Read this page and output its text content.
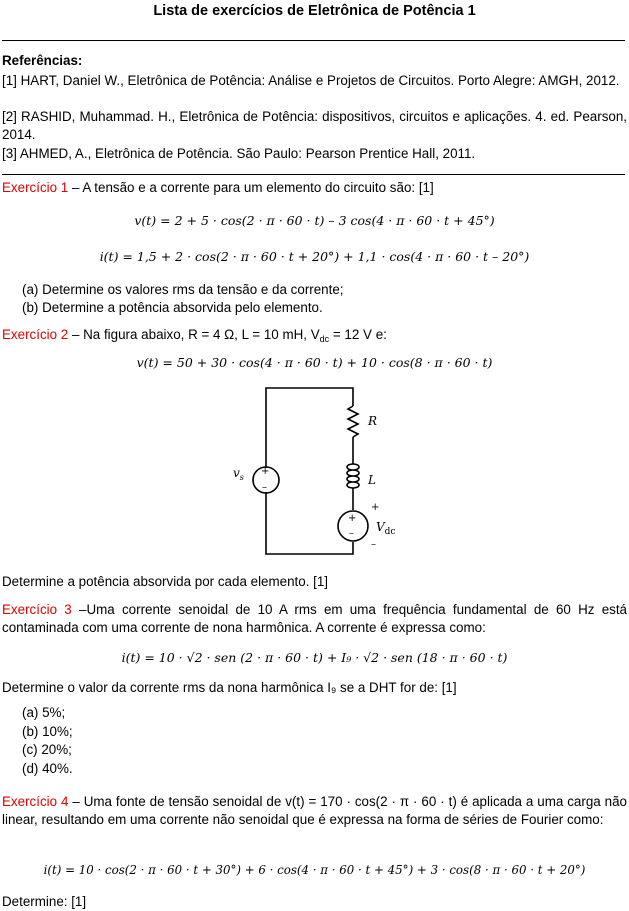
Lista de exercícios de Eletrônica de Potência 1
Referências:
[1] HART, Daniel W., Eletrônica de Potência: Análise e Projetos de Circuitos. Porto Alegre: AMGH, 2012.
[2] RASHID, Muhammad. H., Eletrônica de Potência: dispositivos, circuitos e aplicações. 4. ed. Pearson, 2014.
[3] AHMED, A., Eletrônica de Potência. São Paulo: Pearson Prentice Hall, 2011.
Exercício 1 – A tensão e a corrente para um elemento do circuito são: [1]
v(t) = 2 + 5 · cos(2 · π · 60 · t) – 3 cos(4 · π · 60 · t + 45°)
i(t) = 1,5 + 2 · cos(2 · π · 60 · t + 20°) + 1,1 · cos(4 · π · 60 · t – 20°)
(a) Determine os valores rms da tensão e da corrente;
(b) Determine a potência absorvida pelo elemento.
Exercício 2 – Na figura abaixo, R = 4 Ω, L = 10 mH, $V_{dc} = 12$ V e:
v(t) = 50 + 30 · cos(4 · π · 60 · t) + 10 · cos(8 · π · 60 · t)
+
–
+
–
+
–
$v_s$
R
L
$V_{dc}$
Determine a potência absorvida por cada elemento. [1]
Exercício 3 –Uma corrente senoidal de 10 A rms em uma frequência fundamental de 60 Hz está contaminada com uma corrente de nona harmônica. A corrente é expressa como:
i(t) = 10 · √2 · sen (2 · π · 60 · t) + I₉ · √2 · sen (18 · π · 60 · t)
Determine o valor da corrente rms da nona harmônica I₉ se a DHT for de: [1]
(a) 5%;
(b) 10%;
(c) 20%;
(d) 40%.
Exercício 4 – Uma fonte de tensão senoidal de v(t) = 170 · cos(2 · π · 60 · t) é aplicada a uma carga não linear, resultando em uma corrente não senoidal que é expressa na forma de séries de Fourier como:
i(t) = 10 · cos(2 · π · 60 · t + 30°) + 6 · cos(4 · π · 60 · t + 45°) + 3 · cos(8 · π · 60 · t + 20°)
Determine: [1]
